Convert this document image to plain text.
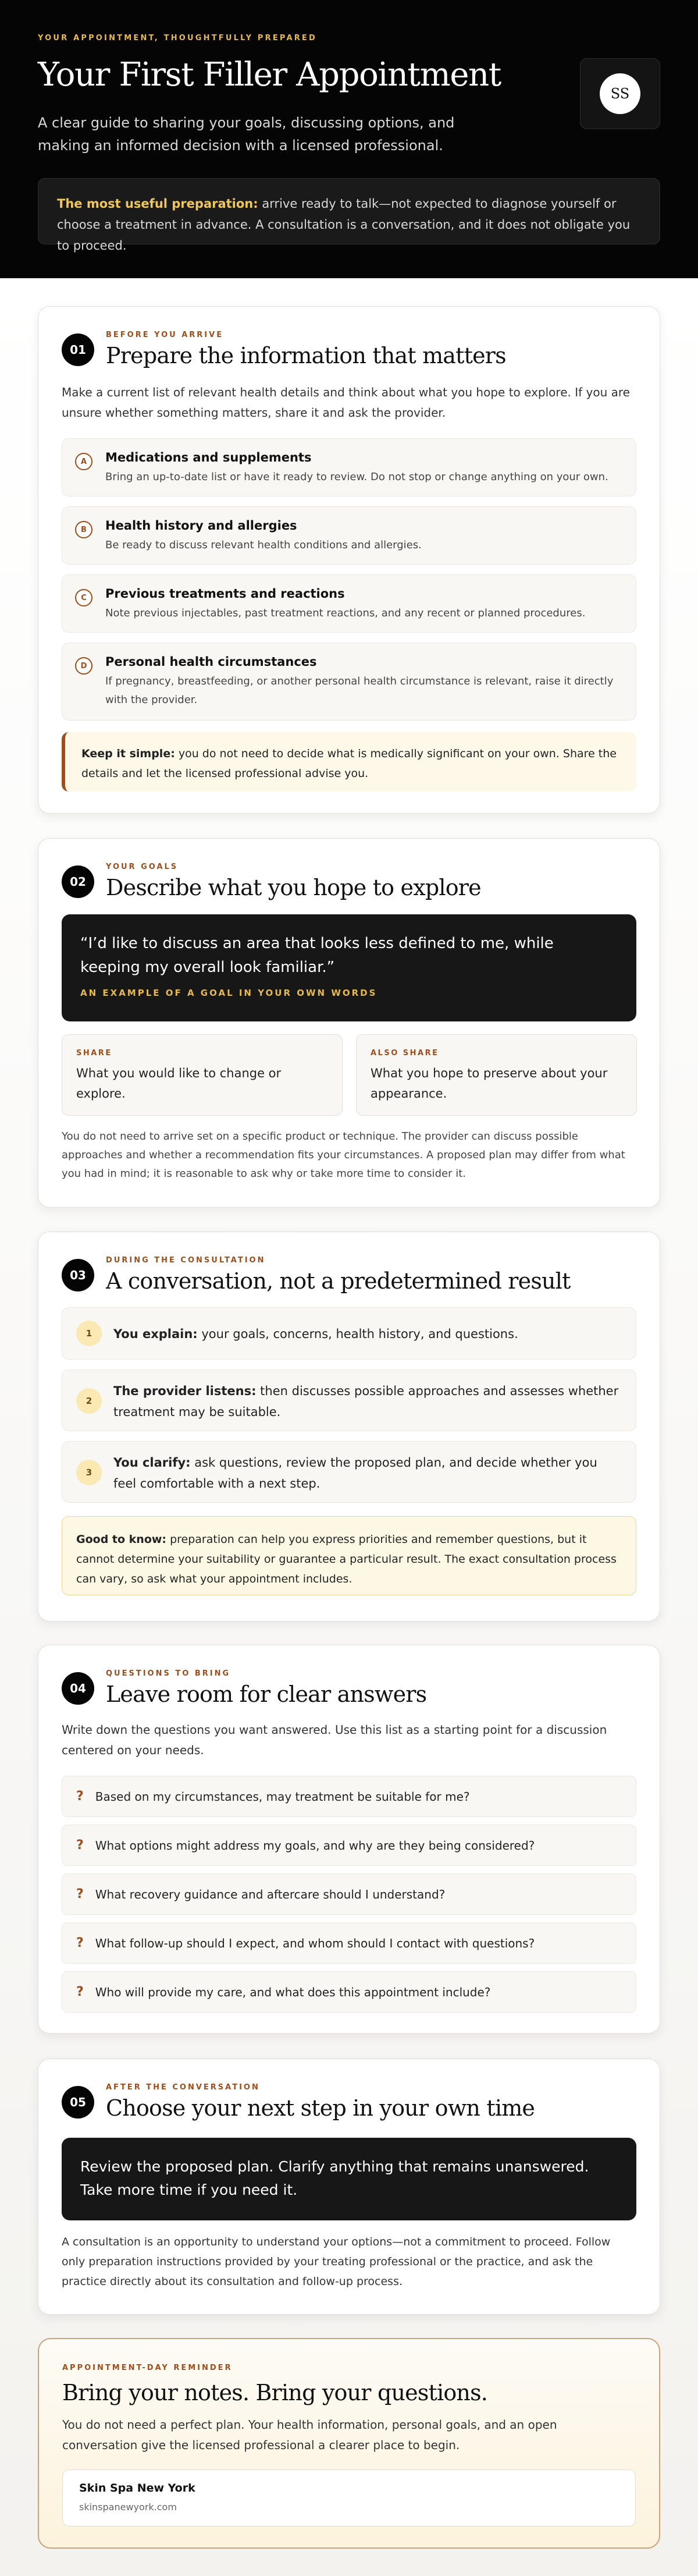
YOUR APPOINTMENT, THOUGHTFULLY PREPARED
Your First Filler Appointment

A clear guide to sharing your goals, discussing options, and making an informed decision with a licensed professional.

SS
The most useful preparation: arrive ready to talk—not expected to diagnose yourself or choose a treatment in advance. A consultation is a conversation, and it does not obligate you to proceed.
01
BEFORE YOU ARRIVE
Prepare the information that matters

Make a current list of relevant health details and think about what you hope to explore. If you are unsure whether something matters, share it and ask the provider.

A	Medications and supplements
Bring an up-to-date list or have it ready to review. Do not stop or change anything on your own.
B	Health history and allergies
Be ready to discuss relevant health conditions and allergies.
C	Previous treatments and reactions
Note previous injectables, past treatment reactions, and any recent or planned procedures.
D	Personal health circumstances
If pregnancy, breastfeeding, or another personal health circumstance is relevant, raise it directly with the provider.
Keep it simple: you do not need to decide what is medically significant on your own. Share the details and let the licensed professional advise you.
02
YOUR GOALS
Describe what you hope to explore
“I’d like to discuss an area that looks less defined to me, while keeping my overall look familiar.”
AN EXAMPLE OF A GOAL IN YOUR OWN WORDS
SHARE
What you would like to change or explore.
ALSO SHARE
What you hope to preserve about your appearance.

You do not need to arrive set on a specific product or technique. The provider can discuss possible approaches and whether a recommendation fits your circumstances. A proposed plan may differ from what you had in mind; it is reasonable to ask why or take more time to consider it.

03
DURING THE CONSULTATION
A conversation, not a predetermined result
1	You explain: your goals, concerns, health history, and questions.
2
The provider listens: then discusses possible approaches and assesses whether treatment may be suitable.
3
You clarify: ask questions, review the proposed plan, and decide whether you feel comfortable with a next step.
Good to know: preparation can help you express priorities and remember questions, but it cannot determine your suitability or guarantee a particular result. The exact consultation process can vary, so ask what your appointment includes.
04
QUESTIONS TO BRING
Leave room for clear answers

Write down the questions you want answered. Use this list as a starting point for a discussion centered on your needs.

? Based on my circumstances, may treatment be suitable for me?
? What options might address my goals, and why are they being considered?
? What recovery guidance and aftercare should I understand?
? What follow-up should I expect, and whom should I contact with questions?
? Who will provide my care, and what does this appointment include?
05
AFTER THE CONVERSATION
Choose your next step in your own time
Review the proposed plan. Clarify anything that remains unanswered. Take more time if you need it.

A consultation is an opportunity to understand your options—not a commitment to proceed. Follow only preparation instructions provided by your treating professional or the practice, and ask the practice directly about its consultation and follow-up process.

APPOINTMENT-DAY REMINDER
Bring your notes. Bring your questions.

You do not need a perfect plan. Your health information, personal goals, and an open conversation give the licensed professional a clearer place to begin.

Skin Spa New York
skinspanewyork.com
